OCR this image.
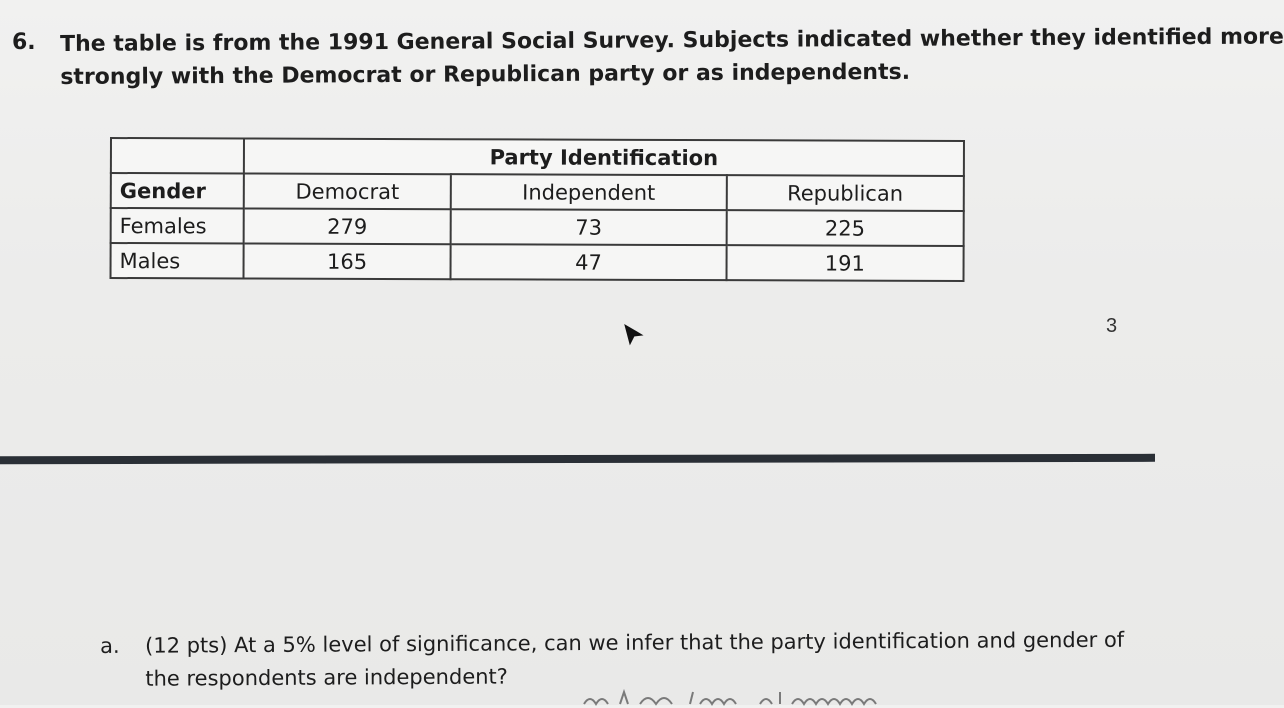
6. The table is from the 1991 General Social Survey. Subjects indicated whether they identified more
strongly with the Democrat or Republican party or as independents.
	Party Identification		
Gender	Democrat	Independent	Republican
Females	279	73	225
Males	165	47	191
3
a. (12 pts) At a 5% level of significance, can we infer that the party identification and gender of
the respondents are independent?
